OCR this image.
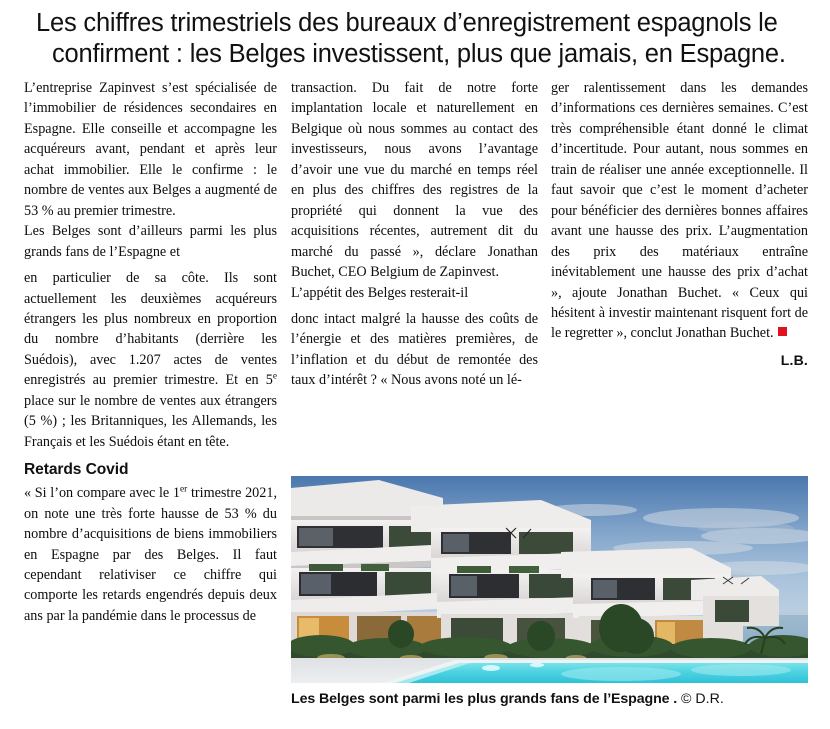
Les chiffres trimestriels des bureaux d’enregistrement espagnols le
confirment : les Belges investissent, plus que jamais, en Espagne.

L’entreprise Zapinvest s’est spécialisée de l’immobilier de résidences secondaires en Espagne. Elle conseille et accompagne les acquéreurs avant, pendant et après leur achat immobilier. Elle le confirme : le nombre de ventes aux Belges a augmenté de 53 % au premier trimestre.

Les Belges sont d’ailleurs parmi les plus grands fans de l’Espagne et

en particulier de sa côte. Ils sont actuellement les deuxièmes acquéreurs étrangers les plus nombreux en proportion du nombre d’habitants (derrière les Suédois), avec 1.207 actes de ventes enregistrés au premier trimestre. Et en 5e place sur le nombre de ventes aux étrangers (5 %) ; les Britanniques, les Allemands, les Français et les Suédois étant en tête.

Retards Covid

« Si l’on compare avec le 1er trimestre 2021, on note une très forte hausse de 53 % du nombre d’acquisitions de biens immobiliers en Espagne par des Belges. Il faut cependant relativiser ce chiffre qui comporte les retards engendrés depuis deux ans par la pandémie dans le processus de

transaction. Du fait de notre forte implantation locale et naturellement en Belgique où nous sommes au contact des investisseurs, nous avons l’avantage d’avoir une vue du marché en temps réel en plus des chiffres des registres de la propriété qui donnent la vue des acquisitions récentes, autrement dit du marché du passé », déclare Jonathan Buchet, CEO Belgium de Zapinvest.

L’appétit des Belges resterait-il

donc intact malgré la hausse des coûts de l’énergie et des matières premières, de l’inflation et du début de remontée des taux d’intérêt ? « Nous avons noté un lé-

ger ralentissement dans les demandes d’informations ces dernières semaines. C’est très compréhensible étant donné le climat d’incertitude. Pour autant, nous sommes en train de réaliser une année exceptionnelle. Il faut savoir que c’est le moment d’acheter pour bénéficier des dernières bonnes affaires avant une hausse des prix. L’augmentation des prix des matériaux entraîne inévitablement une hausse des prix d’achat », ajoute Jonathan Buchet. « Ceux qui hésitent à investir maintenant risquent fort de le regretter », conclut Jonathan Buchet.

L.B.
Les Belges sont parmi les plus grands fans de l’Espagne . © D.R.
